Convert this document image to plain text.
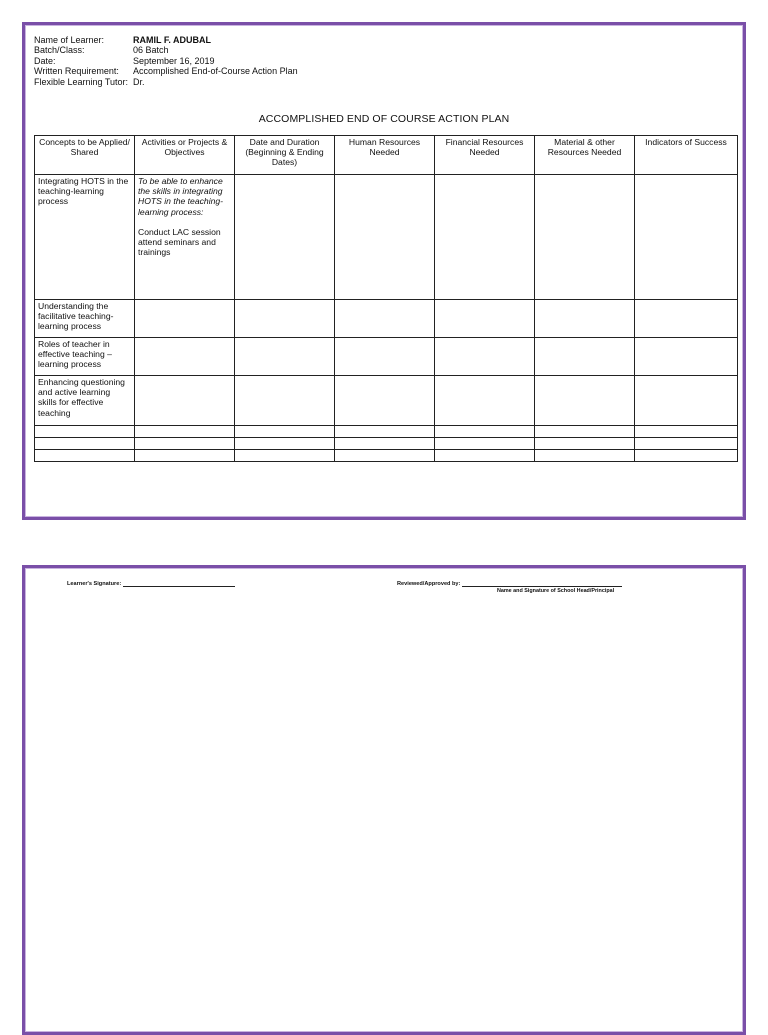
Name of Learner:	RAMIL F. ADUBAL
Batch/Class:	06 Batch
Date:	September 16, 2019
Written Requirement:	Accomplished End-of-Course Action Plan
Flexible Learning Tutor: Dr.
ACCOMPLISHED END OF COURSE ACTION PLAN
Concepts to be Applied/ Shared	Activities or Projects & Objectives	Date and Duration (Beginning & Ending Dates)	Human Resources Needed	Financial Resources Needed	Material & other Resources Needed	Indicators of Success
Integrating HOTS in the teaching-learning process	To be able to enhance the skills in integrating HOTS in the teaching-learning process:
Conduct LAC session attend seminars and trainings					

Understanding the facilitative teaching-learning process						
Roles of teacher in effective teaching – learning process						
Enhancing questioning and active learning skills for effective teaching						

Learner's Signature:	Reviewed/Approved by:
Name and Signature of School Head/Principal
